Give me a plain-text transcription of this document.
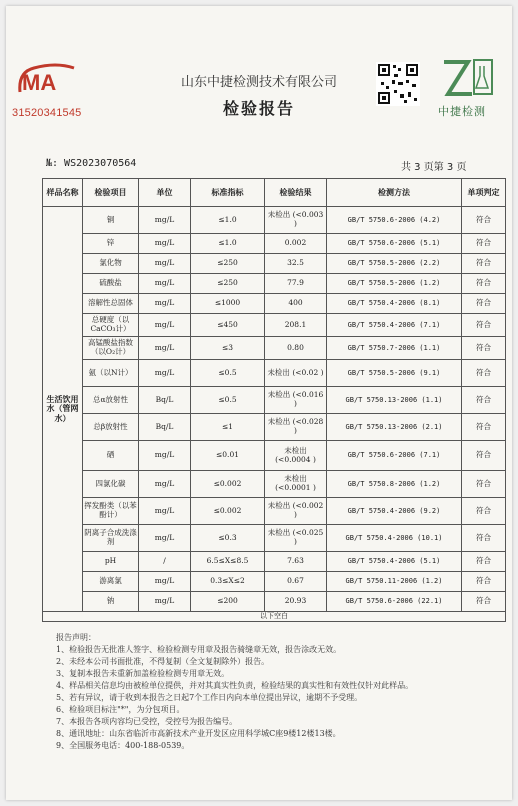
MA
31520341545
山东中捷检测技术有限公司
检验报告	中捷检测
№: WS2023070564	共 3 页第 3 页
样品名称	检验项目	单位	标准指标	检验结果	检测方法	单项判定
生活饮用水（管网水）	铜	mg/L	≤1.0	未检出 (<0.003 )	GB/T 5750.6-2006 (4.2)	符合
	锌	mg/L	≤1.0	0.002	GB/T 5750.6-2006 (5.1)	符合
	氯化物	mg/L	≤250	32.5	GB/T 5750.5-2006 (2.2)	符合
	硫酸盐	mg/L	≤250	77.9	GB/T 5750.5-2006 (1.2)	符合
	溶解性总固体	mg/L	≤1000	400	GB/T 5750.4-2006 (8.1)	符合
	总硬度（以CaCO₃计）	mg/L	≤450	208.1	GB/T 5750.4-2006 (7.1)	符合
	高锰酸盐指数（以O₂计）	mg/L	≤3	0.80	GB/T 5750.7-2006 (1.1)	符合
	氨（以N计）	mg/L	≤0.5	未检出 (<0.02 )	GB/T 5750.5-2006 (9.1)	符合
	总α放射性	Bq/L	≤0.5	未检出 (<0.016 )	GB/T 5750.13-2006 (1.1)	符合
	总β放射性	Bq/L	≤1	未检出 (<0.028 )	GB/T 5750.13-2006 (2.1)	符合
	硒	mg/L	≤0.01	未检出 (<0.0004 )	GB/T 5750.6-2006 (7.1)	符合
	四氯化碳	mg/L	≤0.002	未检出 (<0.0001 )	GB/T 5750.8-2006 (1.2)	符合
	挥发酚类（以苯酚计）	mg/L	≤0.002	未检出 (<0.002 )	GB/T 5750.4-2006 (9.2)	符合
	阴离子合成洗涤剂	mg/L	≤0.3	未检出 (<0.025 )	GB/T 5750.4-2006 (10.1)	符合
	pH	/	6.5≤X≤8.5	7.63	GB/T 5750.4-2006 (5.1)	符合
	游离氯	mg/L	0.3≤X≤2	0.67	GB/T 5750.11-2006 (1.2)	符合
	钠	mg/L	≤200	20.93	GB/T 5750.6-2006 (22.1)	符合
以下空白						
报告声明：
1、检验报告无批准人签字、检验检测专用章及报告骑缝章无效，报告涂改无效。
2、未经本公司书面批准，不得复制（全文复制除外）报告。
3、复制本报告未重新加盖检验检测专用章无效。
4、样品相关信息均由被检单位提供，并对其真实性负责，检验结果的真实性和有效性仅针对此样品。
5、若有异议，请于收到本报告之日起7个工作日内向本单位提出异议，逾期不予受理。
6、检验项目标注"*"，为分包项目。
7、本报告各项内容均已受控，受控号为报告编号。
8、通讯地址：山东省临沂市高新技术产业开发区应用科学城C座9楼12楼13楼。
9、全国服务电话：400-188-0539。
